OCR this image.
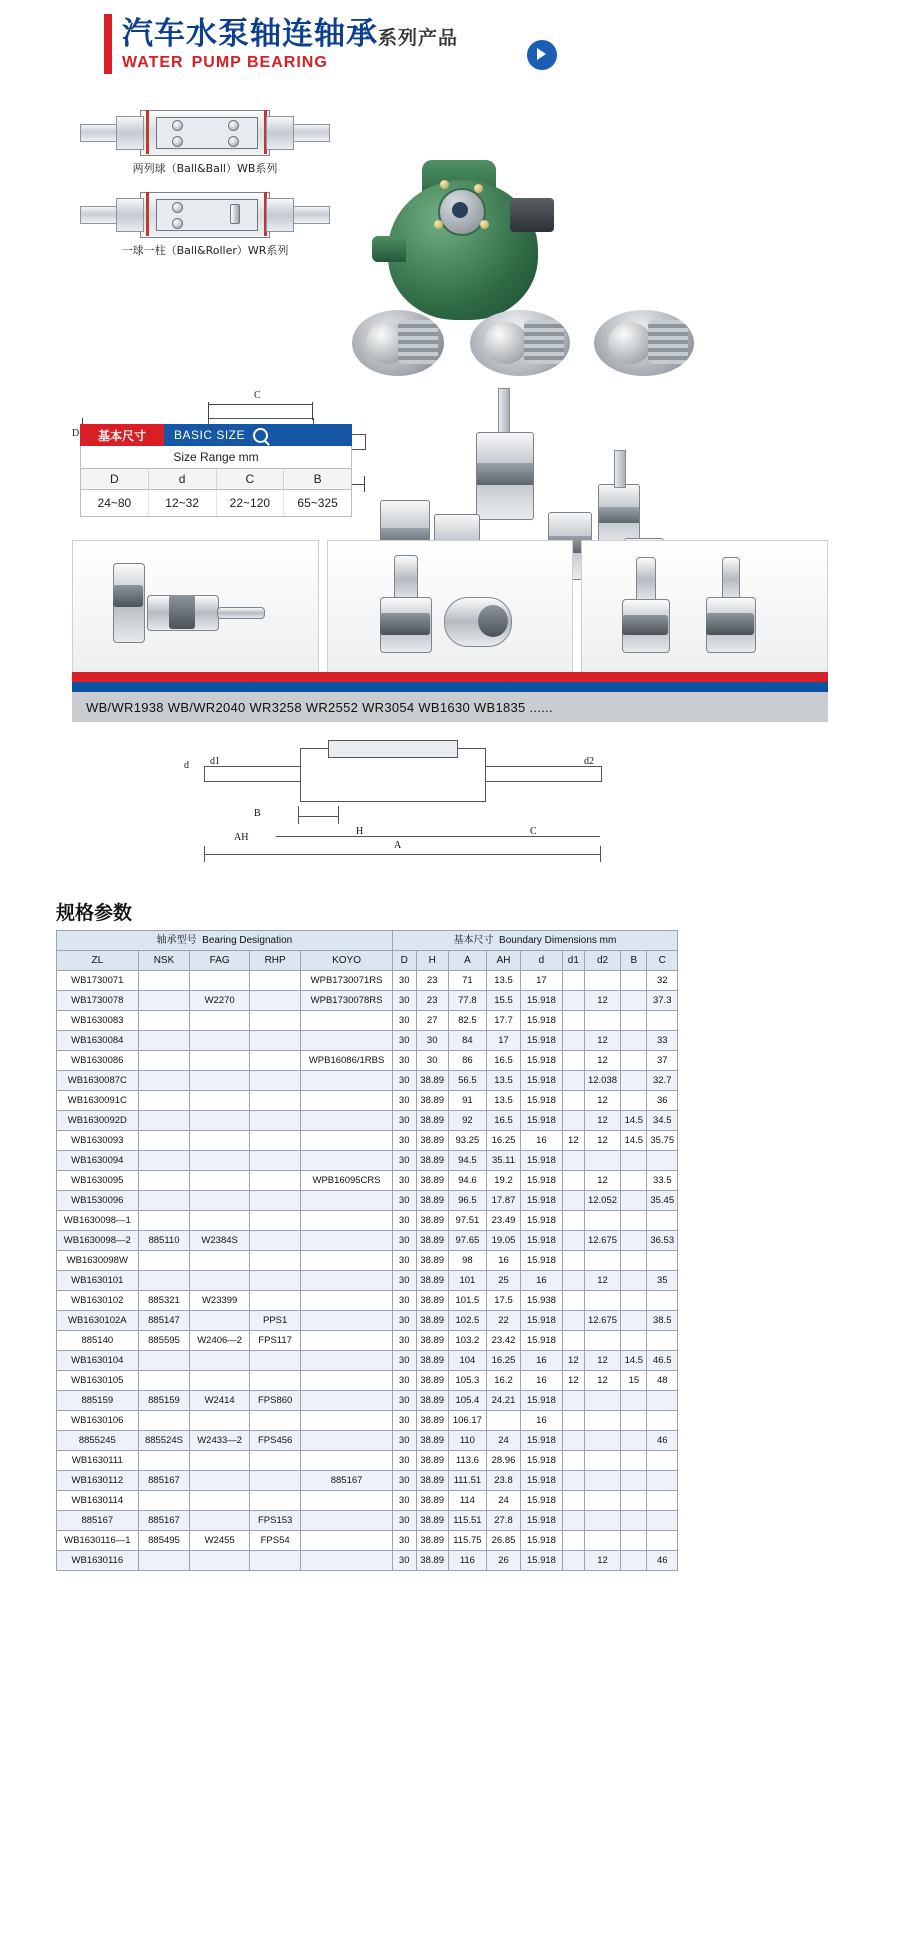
汽车水泵轴连轴承系列产品
WATER PUMP BEARING
两列球（Ball&Ball）WB系列
一球一柱（Ball&Roller）WR系列
C
D	基本尺寸	BASIC SIZE
Size Range mm
D	d	C	B
24~80	12~32	22~120	65~325
WB/WR1938 WB/WR2040 WR3258 WR2552 WR3054 WB1630 WB1835 ......
B
AH
H	C
A
d d1	d2
规格参数
轴承型号 Bearing Designation					基本尺寸 Boundary Dimensions mm								
ZL	NSK	FAG	RHP	KOYO	D	H	A	AH	d	d1	d2	B	C
WB1730071				WPB1730071RS	30	23	71	13.5	17				32
WB1730078		W2270		WPB1730078RS	30	23	77.8	15.5	15.918		12		37.3
WB1630083					30	27	82.5	17.7	15.918				
WB1630084					30	30	84	17	15.918		12		33
WB1630086				WPB16086/1RBS	30	30	86	16.5	15.918		12		37
WB1630087C					30	38.89	56.5	13.5	15.918		12.038		32.7
WB1630091C					30	38.89	91	13.5	15.918		12		36
WB1630092D					30	38.89	92	16.5	15.918		12	14.5	34.5
WB1630093					30	38.89	93.25	16.25	16	12	12	14.5	35.75
WB1630094					30	38.89	94.5	35.11	15.918				
WB1630095				WPB16095CRS	30	38.89	94.6	19.2	15.918		12		33.5
WB1530096					30	38.89	96.5	17.87	15.918		12.052		35.45
WB1630098—1					30	38.89	97.51	23.49	15.918				
WB1630098—2	885110	W2384S			30	38.89	97.65	19.05	15.918		12.675		36.53
WB1630098W					30	38.89	98	16	15.918				
WB1630101					30	38.89	101	25	16		12		35
WB1630102	885321	W23399			30	38.89	101.5	17.5	15.938				
WB1630102A	885147		PPS1		30	38.89	102.5	22	15.918		12.675		38.5
885140	885595	W2406—2	FPS117		30	38.89	103.2	23.42	15.918				
WB1630104					30	38.89	104	16.25	16	12	12	14.5	46.5
WB1630105					30	38.89	105.3	16.2	16	12	12	15	48
885159	885159	W2414	FPS860		30	38.89	105.4	24.21	15.918				
WB1630106					30	38.89	106.17		16				
8855245	885524S	W2433—2	FPS456		30	38.89	110	24	15.918				46
WB1630111					30	38.89	113.6	28.96	15.918				
WB1630112	885167			885167	30	38.89	111.51	23.8	15.918				
WB1630114					30	38.89	114	24	15.918				
885167	885167		FPS153		30	38.89	115.51	27.8	15.918				
WB1630116—1	885495	W2455	FPS54		30	38.89	115.75	26.85	15.918				
WB1630116					30	38.89	116	26	15.918		12		46
